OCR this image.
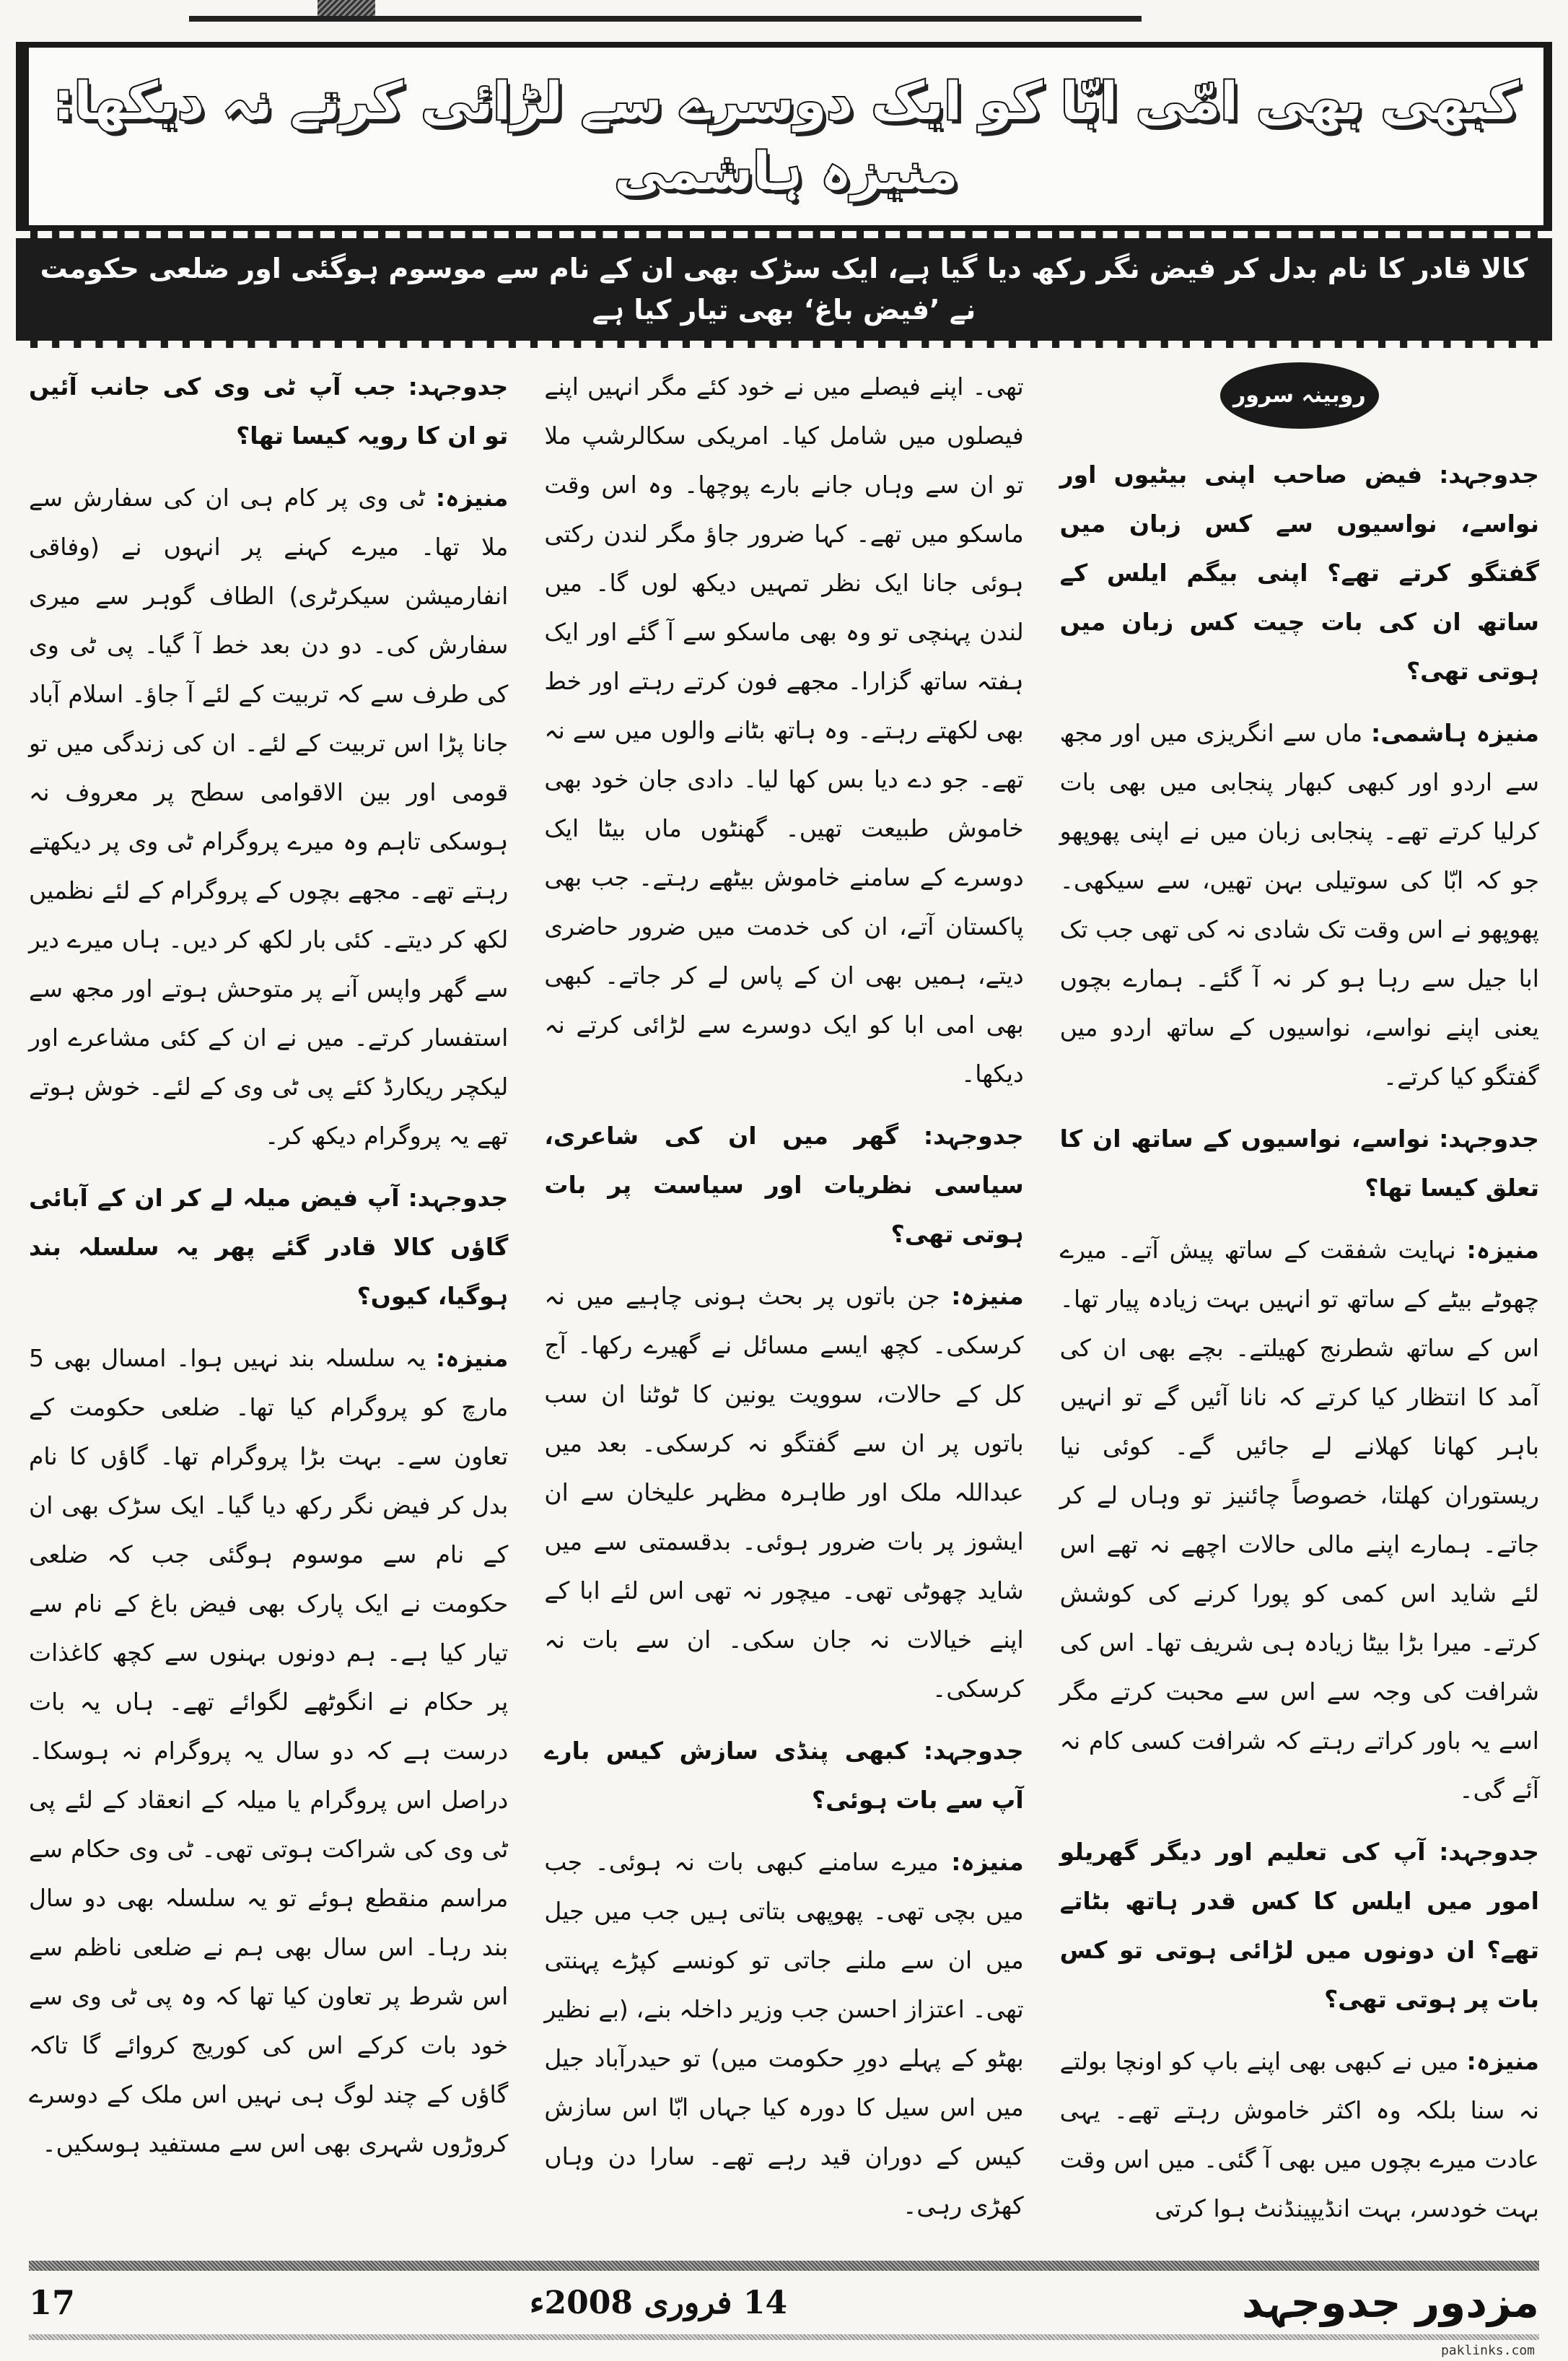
کبھی بھی امّی ابّا کو ایک دوسرے سے لڑائی کرتے نہ دیکھا: منیزہ ہاشمی
کالا قادر کا نام بدل کر فیض نگر رکھ دیا گیا ہے، ایک سڑک بھی ان کے نام سے موسوم ہوگئی اور ضلعی حکومت نے ’فیض باغ‘ بھی تیار کیا ہے
روبینہ سرور

جدوجہد: فیض صاحب اپنی بیٹیوں اور نواسے، نواسیوں سے کس زبان میں گفتگو کرتے تھے؟ اپنی بیگم ایلس کے ساتھ ان کی بات چیت کس زبان میں ہوتی تھی؟

منیزہ ہاشمی: ماں سے انگریزی میں اور مجھ سے اردو اور کبھی کبھار پنجابی میں بھی بات کرلیا کرتے تھے۔ پنجابی زبان میں نے اپنی پھوپھو جو کہ ابّا کی سوتیلی بہن تھیں، سے سیکھی۔ پھوپھو نے اس وقت تک شادی نہ کی تھی جب تک ابا جیل سے رہا ہو کر نہ آ گئے۔ ہمارے بچوں یعنی اپنے نواسے، نواسیوں کے ساتھ اردو میں گفتگو کیا کرتے۔

جدوجہد: نواسے، نواسیوں کے ساتھ ان کا تعلق کیسا تھا؟

منیزہ: نہایت شفقت کے ساتھ پیش آتے۔ میرے چھوٹے بیٹے کے ساتھ تو انہیں بہت زیادہ پیار تھا۔ اس کے ساتھ شطرنج کھیلتے۔ بچے بھی ان کی آمد کا انتظار کیا کرتے کہ نانا آئیں گے تو انہیں باہر کھانا کھلانے لے جائیں گے۔ کوئی نیا ریستوران کھلتا، خصوصاً چائنیز تو وہاں لے کر جاتے۔ ہمارے اپنے مالی حالات اچھے نہ تھے اس لئے شاید اس کمی کو پورا کرنے کی کوشش کرتے۔ میرا بڑا بیٹا زیادہ ہی شریف تھا۔ اس کی شرافت کی وجہ سے اس سے محبت کرتے مگر اسے یہ باور کراتے رہتے کہ شرافت کسی کام نہ آئے گی۔

جدوجہد: آپ کی تعلیم اور دیگر گھریلو امور میں ایلس کا کس قدر ہاتھ بٹاتے تھے؟ ان دونوں میں لڑائی ہوتی تو کس بات پر ہوتی تھی؟

منیزہ: میں نے کبھی بھی اپنے باپ کو اونچا بولتے نہ سنا بلکہ وہ اکثر خاموش رہتے تھے۔ یہی عادت میرے بچوں میں بھی آ گئی۔ میں اس وقت بہت خودسر، بہت انڈیپینڈنٹ ہوا کرتی

تھی۔ اپنے فیصلے میں نے خود کئے مگر انہیں اپنے فیصلوں میں شامل کیا۔ امریکی سکالرشپ ملا تو ان سے وہاں جانے بارے پوچھا۔ وہ اس وقت ماسکو میں تھے۔ کہا ضرور جاؤ مگر لندن رکتی ہوئی جانا ایک نظر تمہیں دیکھ لوں گا۔ میں لندن پہنچی تو وہ بھی ماسکو سے آ گئے اور ایک ہفتہ ساتھ گزارا۔ مجھے فون کرتے رہتے اور خط بھی لکھتے رہتے۔ وہ ہاتھ بٹانے والوں میں سے نہ تھے۔ جو دے دیا بس کھا لیا۔ دادی جان خود بھی خاموش طبیعت تھیں۔ گھنٹوں ماں بیٹا ایک دوسرے کے سامنے خاموش بیٹھے رہتے۔ جب بھی پاکستان آتے، ان کی خدمت میں ضرور حاضری دیتے، ہمیں بھی ان کے پاس لے کر جاتے۔ کبھی بھی امی ابا کو ایک دوسرے سے لڑائی کرتے نہ دیکھا۔

جدوجہد: گھر میں ان کی شاعری، سیاسی نظریات اور سیاست پر بات ہوتی تھی؟

منیزہ: جن باتوں پر بحث ہونی چاہیے میں نہ کرسکی۔ کچھ ایسے مسائل نے گھیرے رکھا۔ آج کل کے حالات، سوویت یونین کا ٹوٹنا ان سب باتوں پر ان سے گفتگو نہ کرسکی۔ بعد میں عبداللہ ملک اور طاہرہ مظہر علیخان سے ان ایشوز پر بات ضرور ہوئی۔ بدقسمتی سے میں شاید چھوٹی تھی۔ میچور نہ تھی اس لئے ابا کے اپنے خیالات نہ جان سکی۔ ان سے بات نہ کرسکی۔

جدوجہد: کبھی پنڈی سازش کیس بارے آپ سے بات ہوئی؟

منیزہ: میرے سامنے کبھی بات نہ ہوئی۔ جب میں بچی تھی۔ پھوپھی بتاتی ہیں جب میں جیل میں ان سے ملنے جاتی تو کونسے کپڑے پہنتی تھی۔ اعتزاز احسن جب وزیر داخلہ بنے، (بے نظیر بھٹو کے پہلے دورِ حکومت میں) تو حیدرآباد جیل میں اس سیل کا دورہ کیا جہاں ابّا اس سازش کیس کے دوران قید رہے تھے۔ سارا دن وہاں کھڑی رہی۔

جدوجہد: جب آپ ٹی وی کی جانب آئیں تو ان کا رویہ کیسا تھا؟

منیزہ: ٹی وی پر کام ہی ان کی سفارش سے ملا تھا۔ میرے کہنے پر انہوں نے (وفاقی انفارمیشن سیکرٹری) الطاف گوہر سے میری سفارش کی۔ دو دن بعد خط آ گیا۔ پی ٹی وی کی طرف سے کہ تربیت کے لئے آ جاؤ۔ اسلام آباد جانا پڑا اس تربیت کے لئے۔ ان کی زندگی میں تو قومی اور بین الاقوامی سطح پر معروف نہ ہوسکی تاہم وہ میرے پروگرام ٹی وی پر دیکھتے رہتے تھے۔ مجھے بچوں کے پروگرام کے لئے نظمیں لکھ کر دیتے۔ کئی بار لکھ کر دیں۔ ہاں میرے دیر سے گھر واپس آنے پر متوحش ہوتے اور مجھ سے استفسار کرتے۔ میں نے ان کے کئی مشاعرے اور لیکچر ریکارڈ کئے پی ٹی وی کے لئے۔ خوش ہوتے تھے یہ پروگرام دیکھ کر۔

جدوجہد: آپ فیض میلہ لے کر ان کے آبائی گاؤں کالا قادر گئے پھر یہ سلسلہ بند ہوگیا، کیوں؟

منیزہ: یہ سلسلہ بند نہیں ہوا۔ امسال بھی 5 مارچ کو پروگرام کیا تھا۔ ضلعی حکومت کے تعاون سے۔ بہت بڑا پروگرام تھا۔ گاؤں کا نام بدل کر فیض نگر رکھ دیا گیا۔ ایک سڑک بھی ان کے نام سے موسوم ہوگئی جب کہ ضلعی حکومت نے ایک پارک بھی فیض باغ کے نام سے تیار کیا ہے۔ ہم دونوں بہنوں سے کچھ کاغذات پر حکام نے انگوٹھے لگوائے تھے۔ ہاں یہ بات درست ہے کہ دو سال یہ پروگرام نہ ہوسکا۔ دراصل اس پروگرام یا میلہ کے انعقاد کے لئے پی ٹی وی کی شراکت ہوتی تھی۔ ٹی وی حکام سے مراسم منقطع ہوئے تو یہ سلسلہ بھی دو سال بند رہا۔ اس سال بھی ہم نے ضلعی ناظم سے اس شرط پر تعاون کیا تھا کہ وہ پی ٹی وی سے خود بات کرکے اس کی کوریج کروائے گا تاکہ گاؤں کے چند لوگ ہی نہیں اس ملک کے دوسرے کروڑوں شہری بھی اس سے مستفید ہوسکیں۔

17	14 فروری 2008ء	مزدور جدوجہد
paklinks.com
